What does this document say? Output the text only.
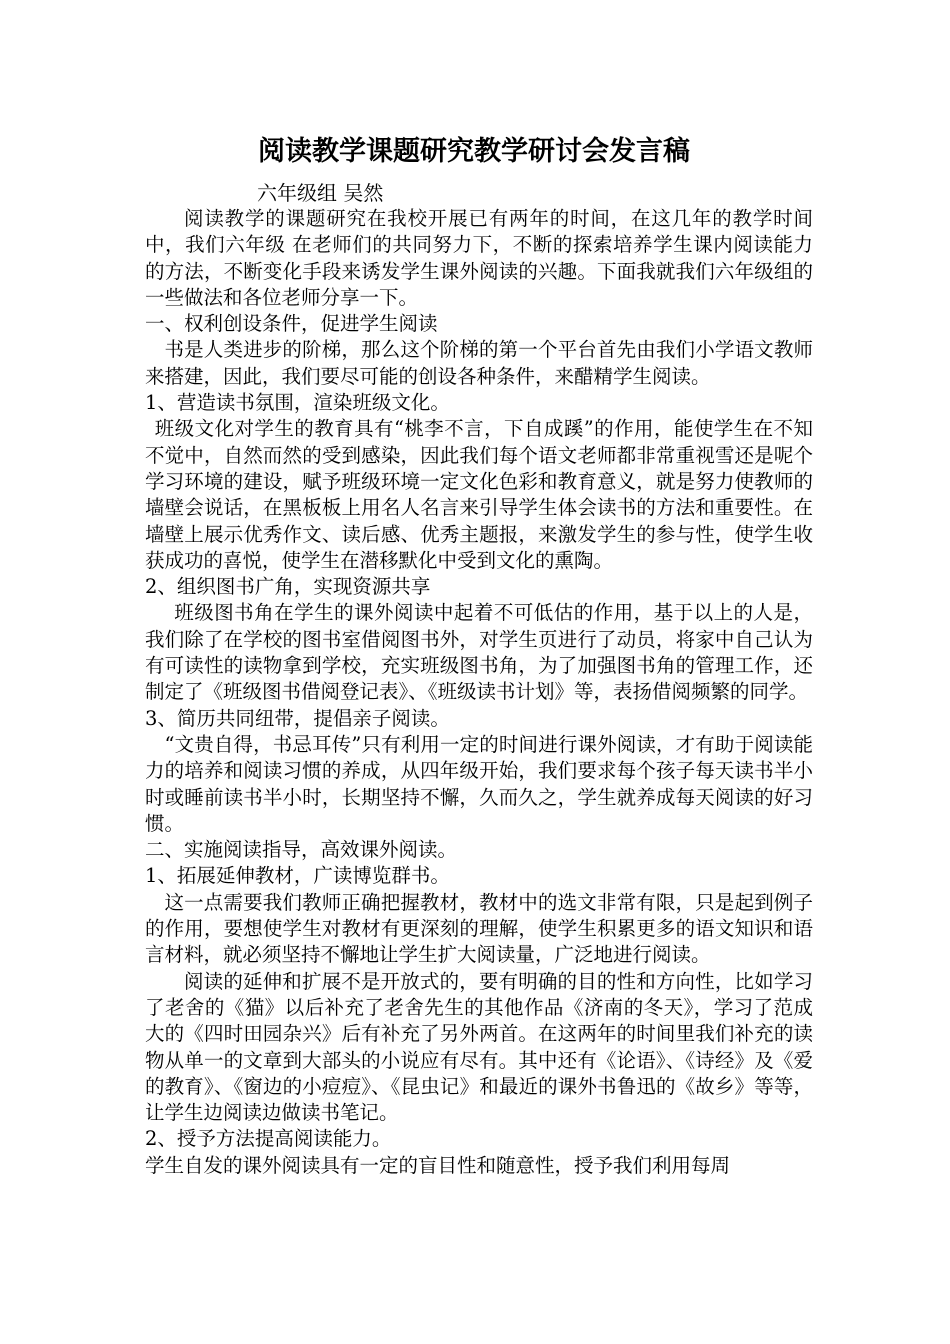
阅读教学课题研究教学研讨会发言稿
六年级组 吴然

阅读教学的课题研究在我校开展已有两年的时间，在这几年的教学时间中，我们六年级 在老师们的共同努力下，不断的探索培养学生课内阅读能力的方法，不断变化手段来诱发学生课外阅读的兴趣。下面我就我们六年级组的一些做法和各位老师分享一下。

一、权利创设条件，促进学生阅读

书是人类进步的阶梯，那么这个阶梯的第一个平台首先由我们小学语文教师来搭建，因此，我们要尽可能的创设各种条件，来醋精学生阅读。

1、营造读书氛围，渲染班级文化。

班级文化对学生的教育具有“桃李不言，下自成蹊”的作用，能使学生在不知不觉中，自然而然的受到感染，因此我们每个语文老师都非常重视雪还是呢个学习环境的建设，赋予班级环境一定文化色彩和教育意义，就是努力使教师的墙壁会说话，在黑板板上用名人名言来引导学生体会读书的方法和重要性。在墙壁上展示优秀作文、读后感、优秀主题报，来激发学生的参与性，使学生收获成功的喜悦，使学生在潜移默化中受到文化的熏陶。

2、组织图书广角，实现资源共享

班级图书角在学生的课外阅读中起着不可低估的作用，基于以上的人是，我们除了在学校的图书室借阅图书外，对学生页进行了动员，将家中自己认为有可读性的读物拿到学校，充实班级图书角，为了加强图书角的管理工作，还制定了《班级图书借阅登记表》、《班级读书计划》等，表扬借阅频繁的同学。

3、简历共同纽带，提倡亲子阅读。

“文贵自得，书忌耳传”只有利用一定的时间进行课外阅读，才有助于阅读能力的培养和阅读习惯的养成，从四年级开始，我们要求每个孩子每天读书半小时或睡前读书半小时，长期坚持不懈，久而久之，学生就养成每天阅读的好习惯。

二、实施阅读指导，高效课外阅读。

1、拓展延伸教材，广读博览群书。

这一点需要我们教师正确把握教材，教材中的选文非常有限，只是起到例子的作用，要想使学生对教材有更深刻的理解，使学生积累更多的语文知识和语言材料，就必须坚持不懈地让学生扩大阅读量，广泛地进行阅读。

阅读的延伸和扩展不是开放式的，要有明确的目的性和方向性，比如学习了老舍的《猫》以后补充了老舍先生的其他作品《济南的冬天》，学习了范成大的《四时田园杂兴》后有补充了另外两首。在这两年的时间里我们补充的读物从单一的文章到大部头的小说应有尽有。其中还有《论语》、《诗经》及《爱的教育》、《窗边的小痘痘》、《昆虫记》和最近的课外书鲁迅的《故乡》等等，让学生边阅读边做读书笔记。

2、授予方法提高阅读能力。

学生自发的课外阅读具有一定的盲目性和随意性，授予我们利用每周
